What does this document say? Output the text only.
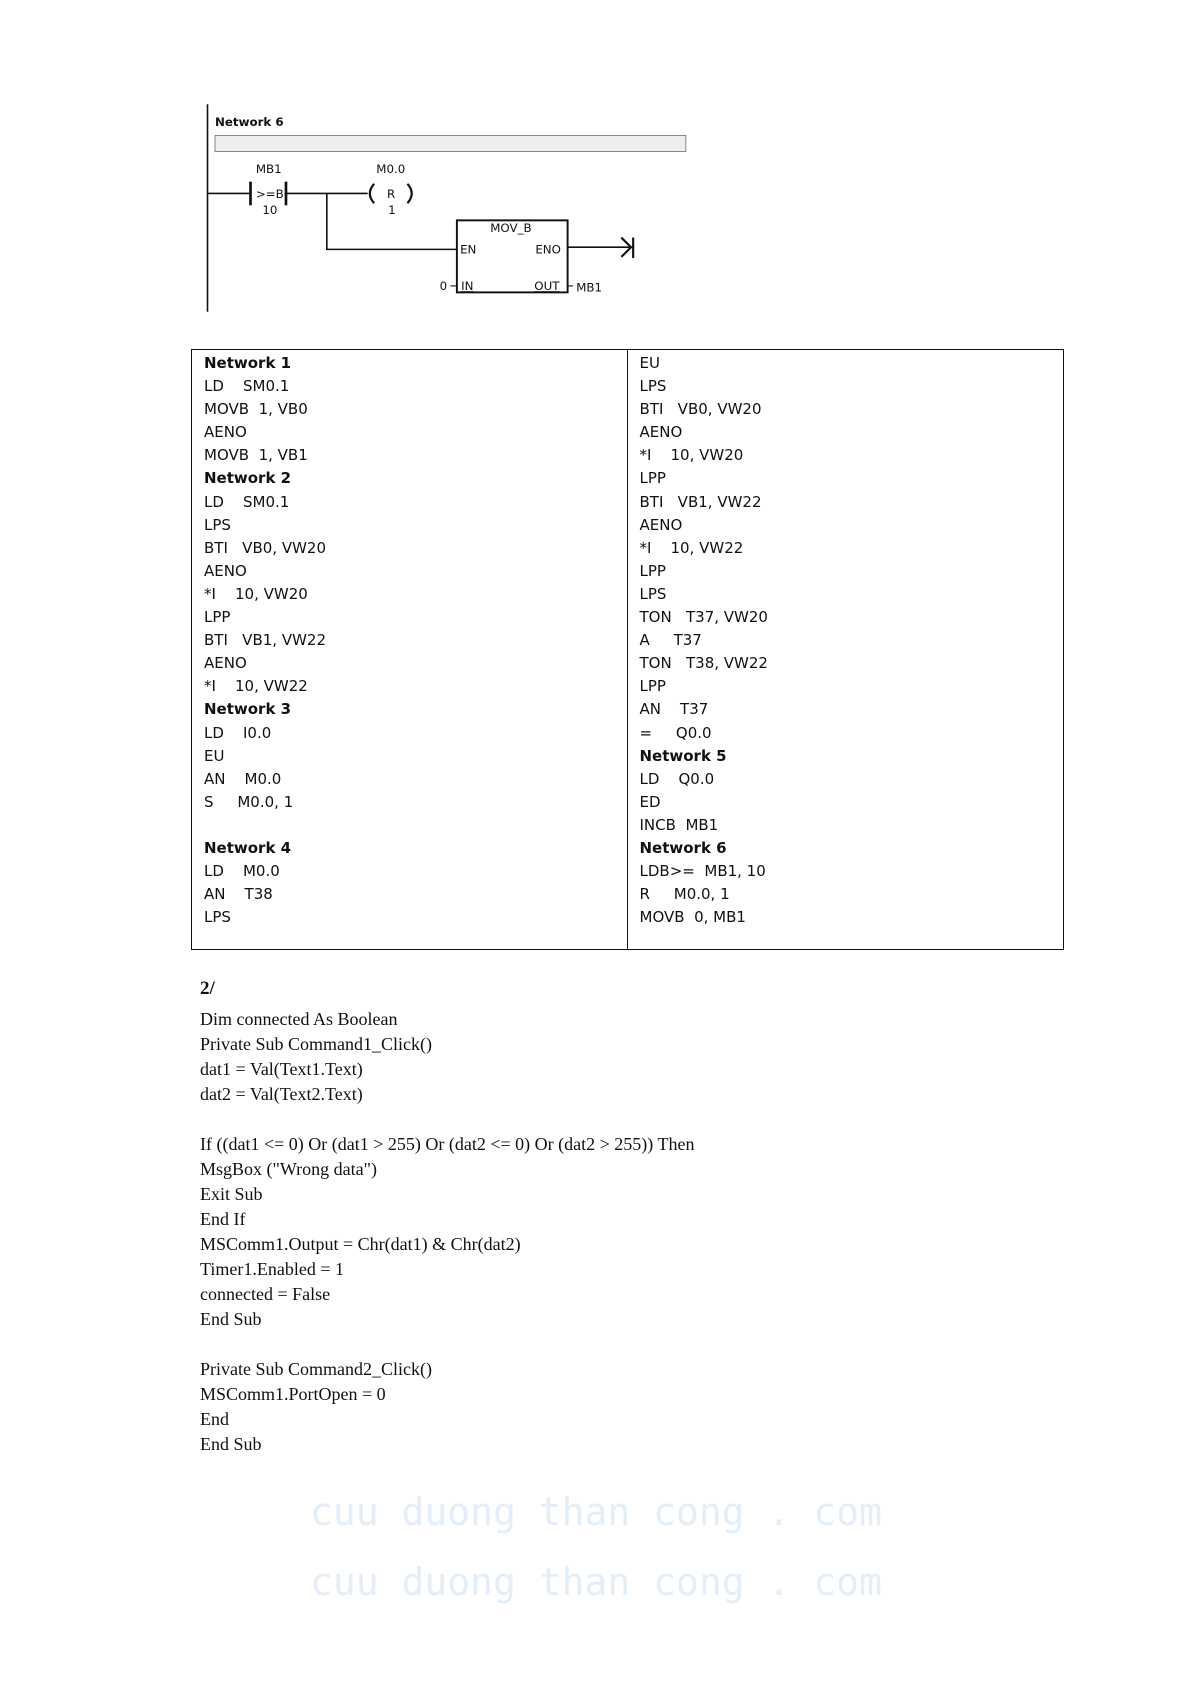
cuu duong than cong . com
cuu duong than cong . com
Network 6
MB1
>=B
10
M0.0
R
1
MOV_B
EN	ENO
IN	OUT
0	MB1
Network 1
LD    SM0.1
MOVB  1, VB0
AENO
MOVB  1, VB1
Network 2
LD    SM0.1
LPS
BTI   VB0, VW20
AENO
*I    10, VW20
LPP
BTI   VB1, VW22
AENO
*I    10, VW22
Network 3
LD    I0.0
EU
AN    M0.0
S     M0.0, 1
Network 4
LD    M0.0
AN    T38
LPS
EU
LPS
BTI   VB0, VW20
AENO
*I    10, VW20
LPP
BTI   VB1, VW22
AENO
*I    10, VW22
LPP
LPS
TON   T37, VW20
A     T37
TON   T38, VW22
LPP
AN    T37
=     Q0.0
Network 5
LD    Q0.0
ED
INCB  MB1
Network 6
LDB>=  MB1, 10
R     M0.0, 1
MOVB  0, MB1
2/
Dim connected As Boolean
Private Sub Command1_Click()
dat1 = Val(Text1.Text)
dat2 = Val(Text2.Text)
If ((dat1 <= 0) Or (dat1 > 255) Or (dat2 <= 0) Or (dat2 > 255)) Then
MsgBox ("Wrong data")
Exit Sub
End If
MSComm1.Output = Chr(dat1) & Chr(dat2)
Timer1.Enabled = 1
connected = False
End Sub
Private Sub Command2_Click()
MSComm1.PortOpen = 0
End
End Sub
